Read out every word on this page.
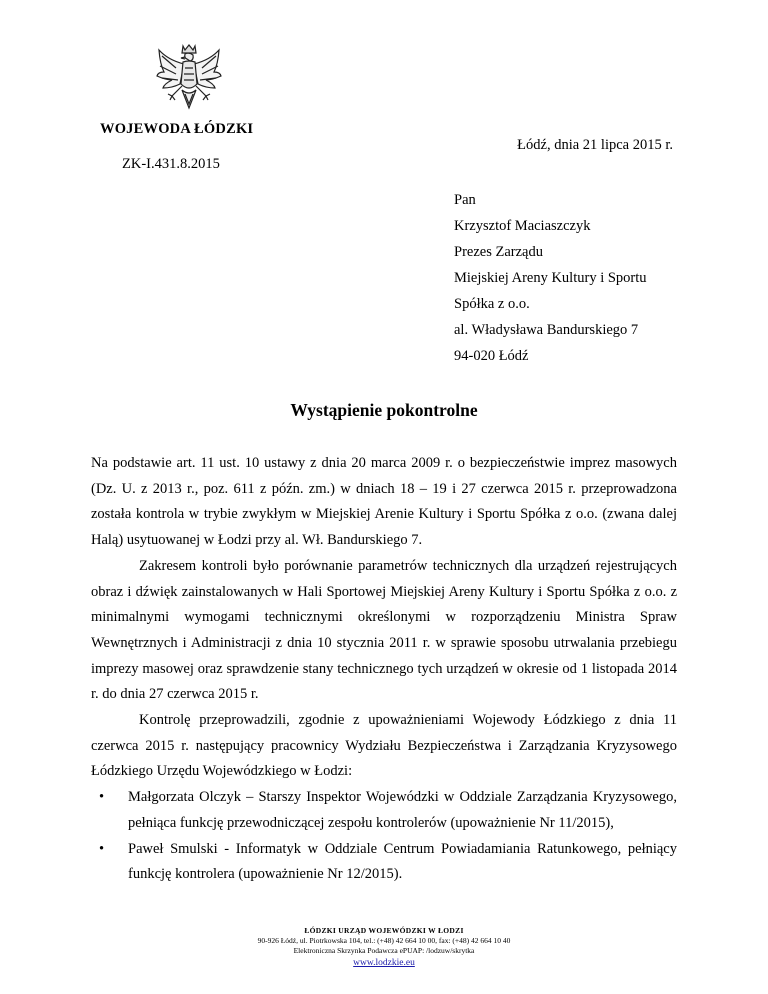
WOJEWODA ŁÓDZKI
Łódź, dnia 21 lipca 2015 r.
ZK-I.431.8.2015
Pan
Krzysztof Maciaszczyk
Prezes Zarządu
Miejskiej Areny Kultury i Sportu
Spółka z o.o.
al. Władysława Bandurskiego 7
94-020 Łódź
Wystąpienie pokontrolne

Na podstawie art. 11 ust. 10 ustawy z dnia 20 marca 2009 r. o bezpieczeństwie imprez masowych (Dz. U. z 2013 r., poz. 611 z późn. zm.) w dniach 18 – 19 i 27 czerwca 2015 r. przeprowadzona została kontrola w trybie zwykłym w Miejskiej Arenie Kultury i Sportu Spółka z o.o. (zwana dalej Halą) usytuowanej w Łodzi przy al. Wł. Bandurskiego 7.

Zakresem kontroli było porównanie parametrów technicznych dla urządzeń rejestrujących obraz i dźwięk zainstalowanych w Hali Sportowej Miejskiej Areny Kultury i Sportu Spółka z o.o. z minimalnymi wymogami technicznymi określonymi w rozporządzeniu Ministra Spraw Wewnętrznych i Administracji z dnia 10 stycznia 2011 r. w sprawie sposobu utrwalania przebiegu imprezy masowej oraz sprawdzenie stany technicznego tych urządzeń w okresie od 1 listopada 2014 r. do dnia 27 czerwca 2015 r.

Kontrolę przeprowadzili, zgodnie z upoważnieniami Wojewody Łódzkiego z dnia 11 czerwca 2015 r. następujący pracownicy Wydziału Bezpieczeństwa i Zarządzania Kryzysowego Łódzkiego Urzędu Wojewódzkiego w Łodzi:

• Małgorzata Olczyk – Starszy Inspektor Wojewódzki w Oddziale Zarządzania Kryzysowego, pełniąca funkcję przewodniczącej zespołu kontrolerów (upoważnienie Nr 11/2015),
• Paweł Smulski - Informatyk w Oddziale Centrum Powiadamiania Ratunkowego, pełniący funkcję kontrolera (upoważnienie Nr 12/2015).
ŁÓDZKI URZĄD WOJEWÓDZKI W ŁODZI
90-926 Łódź, ul. Piotrkowska 104, tel.: (+48) 42 664 10 00, fax: (+48) 42 664 10 40
Elektroniczna Skrzynka Podawcza ePUAP: /lodzuw/skrytka
www.lodzkie.eu
